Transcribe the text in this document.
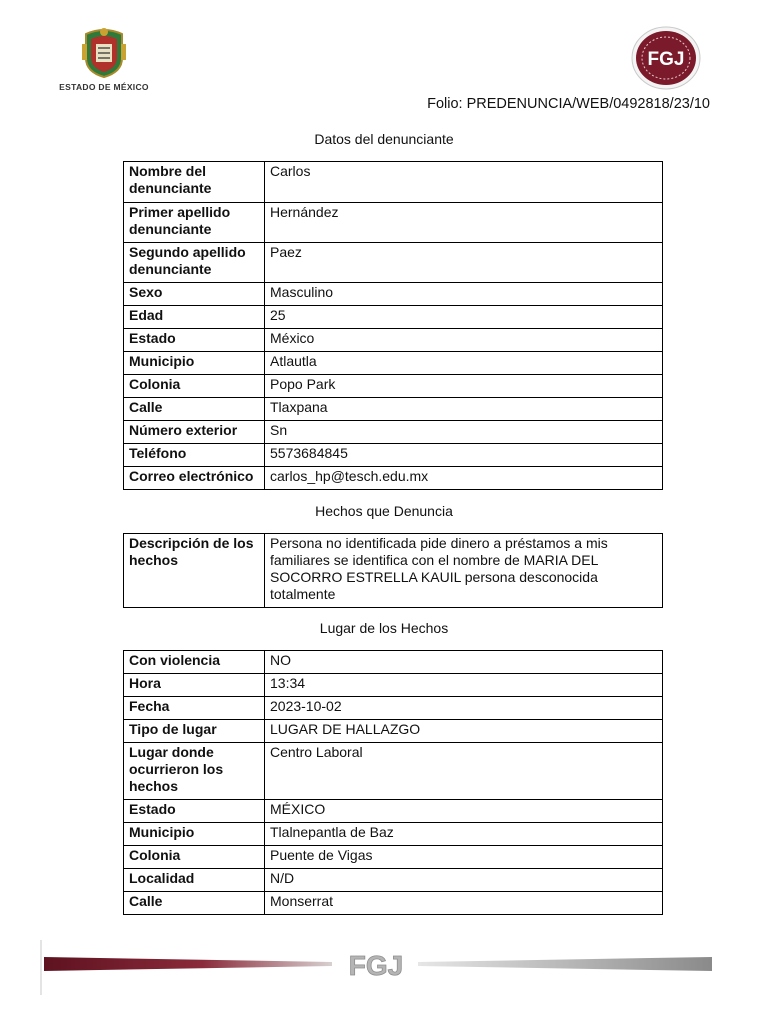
ESTADO DE MÉXICO
FGJ
Folio: PREDENUNCIA/WEB/0492818/23/10
Datos del denunciante
Nombre del denunciante	Carlos
Primer apellido denunciante	Hernández
Segundo apellido denunciante	Paez
Sexo	Masculino
Edad	25
Estado	México
Municipio	Atlautla
Colonia	Popo Park
Calle	Tlaxpana
Número exterior	Sn
Teléfono	5573684845
Correo electrónico	carlos_hp@tesch.edu.mx
Hechos que Denuncia
Descripción de los hechos	Persona no identificada pide dinero a préstamos a mis familiares se identifica con el nombre de MARIA DEL SOCORRO ESTRELLA KAUIL persona desconocida totalmente
Lugar de los Hechos
Con violencia	NO
Hora	13:34
Fecha	2023-10-02
Tipo de lugar	LUGAR DE HALLAZGO
Lugar donde ocurrieron los hechos	Centro Laboral
Estado	MÉXICO
Municipio	Tlalnepantla de Baz
Colonia	Puente de Vigas
Localidad	N/D
Calle	Monserrat
FGJ
